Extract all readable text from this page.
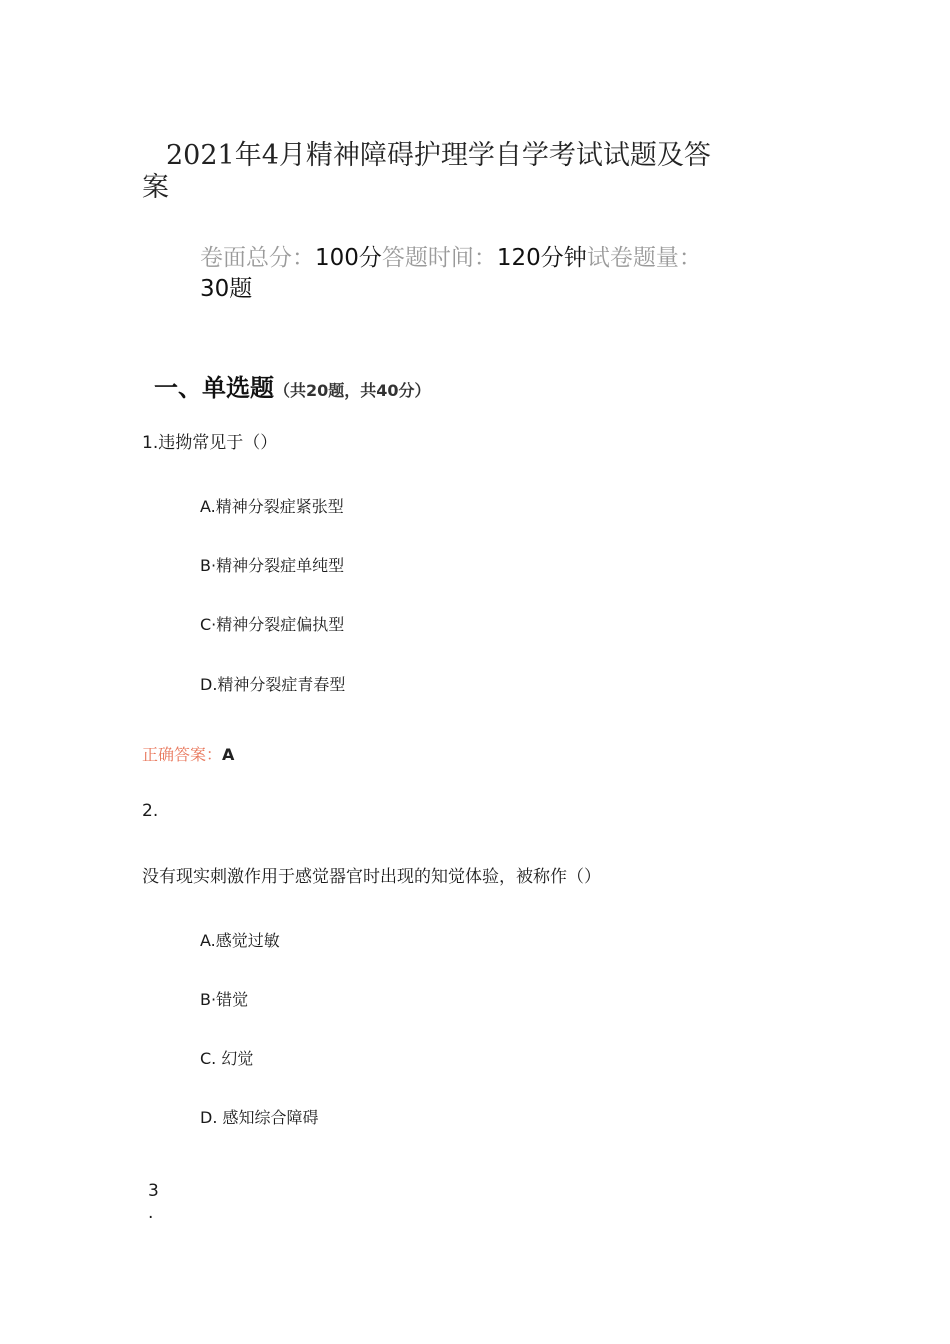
2021年4月精神障碍护理学自学考试试题及答
案
卷面总分：100分答题时间：120分钟试卷题量：
30题
一、单选题（共20题，共40分）
1.违拗常见于（）
A.精神分裂症紧张型
B·精神分裂症单纯型
C·精神分裂症偏执型
D.精神分裂症青春型
正确答案：A
2.
没有现实刺激作用于感觉器官时出现的知觉体验，被称作（）
A.感觉过敏
B·错觉
C. 幻觉
D. 感知综合障碍
3
.
